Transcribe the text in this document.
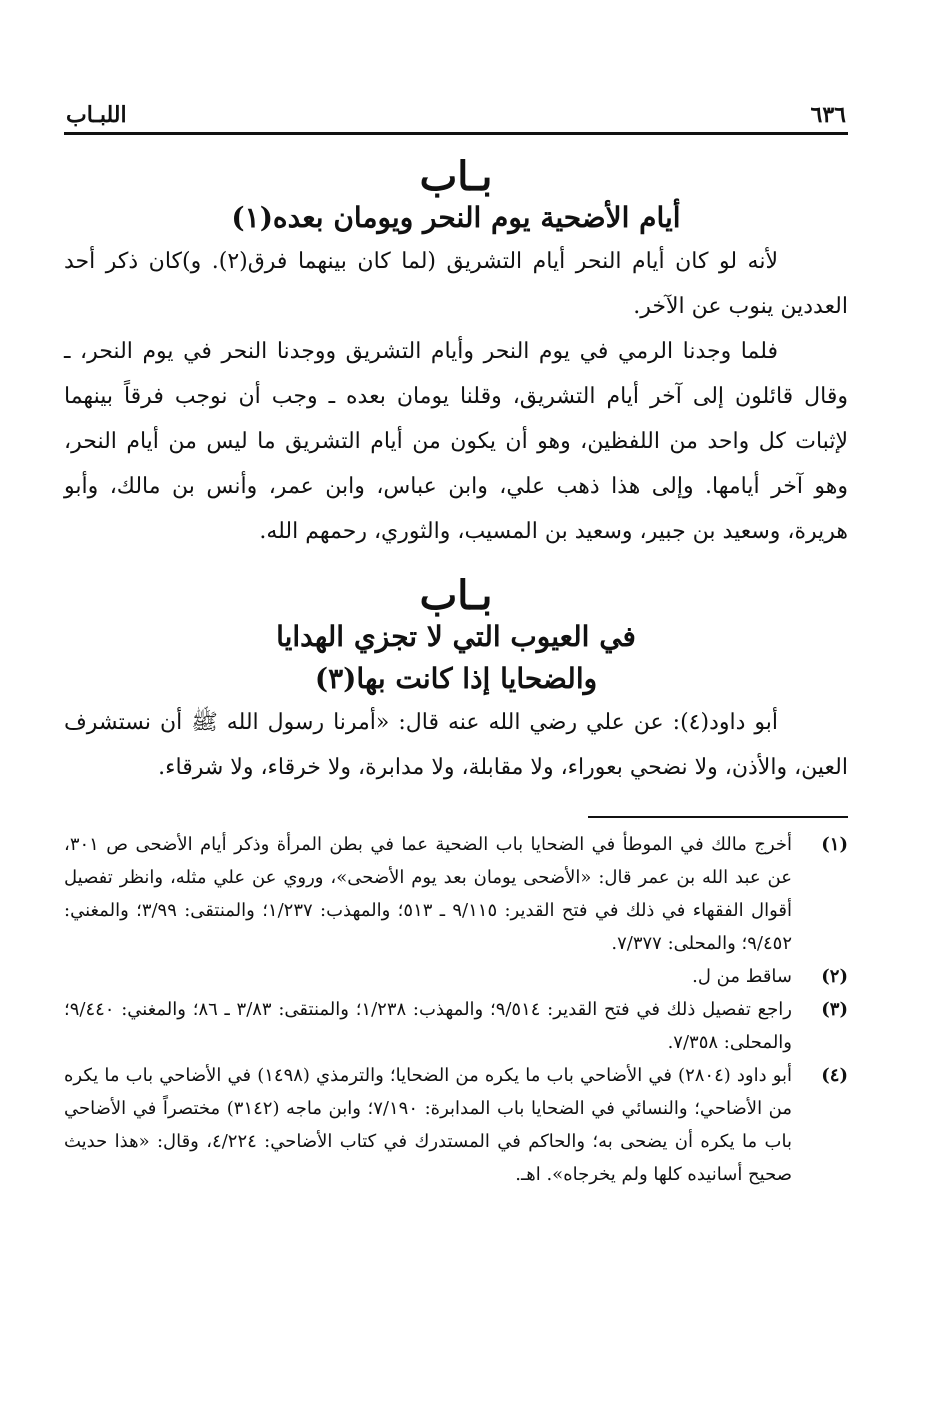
٦٣٦
اللبـاب
بـاب
أيام الأضحية يوم النحر ويومان بعده(١)

لأنه لو كان أيام النحر أيام التشريق (لما كان بينهما فرق(٢). و)كان ذكر أحد العددين ينوب عن الآخر.

فلما وجدنا الرمي في يوم النحر وأيام التشريق ووجدنا النحر في يوم النحر، ـ وقال قائلون إلى آخر أيام التشريق، وقلنا يومان بعده ـ وجب أن نوجب فرقاً بينهما لإثبات كل واحد من اللفظين، وهو أن يكون من أيام التشريق ما ليس من أيام النحر، وهو آخر أيامها. وإلى هذا ذهب علي، وابن عباس، وابن عمر، وأنس بن مالك، وأبو هريرة، وسعيد بن جبير، وسعيد بن المسيب، والثوري، رحمهم الله.

بـاب
في العيوب التي لا تجزي الهدايا
والضحايا إذا كانت بها(٣)

أبو داود(٤): عن علي رضي الله عنه قال: «أمرنا رسول الله ﷺ أن نستشرف العين، والأذن، ولا نضحي بعوراء، ولا مقابلة، ولا مدابرة، ولا خرقاء، ولا شرقاء.

(١)
أخرج مالك في الموطأ في الضحايا باب الضحية عما في بطن المرأة وذكر أيام الأضحى ص ٣٠١، عن عبد الله بن عمر قال: «الأضحى يومان بعد يوم الأضحى»، وروي عن علي مثله، وانظر تفصيل أقوال الفقهاء في ذلك في فتح القدير: ٩/١١٥ ـ ٥١٣؛ والمهذب: ١/٢٣٧؛ والمنتقى: ٣/٩٩؛ والمغني: ٩/٤٥٢؛ والمحلى: ٧/٣٧٧.
(٢)
ساقط من ل.
(٣)
راجع تفصيل ذلك في فتح القدير: ٩/٥١٤؛ والمهذب: ١/٢٣٨؛ والمنتقى: ٣/٨٣ ـ ٨٦؛ والمغني: ٩/٤٤٠؛ والمحلى: ٧/٣٥٨.
(٤)
أبو داود (٢٨٠٤) في الأضاحي باب ما يكره من الضحايا؛ والترمذي (١٤٩٨) في الأضاحي باب ما يكره من الأضاحي؛ والنسائي في الضحايا باب المدابرة: ٧/١٩٠؛ وابن ماجه (٣١٤٢) مختصراً في الأضاحي باب ما يكره أن يضحى به؛ والحاكم في المستدرك في كتاب الأضاحي: ٤/٢٢٤، وقال: «هذا حديث صحيح أسانيده كلها ولم يخرجاه». اهـ.
